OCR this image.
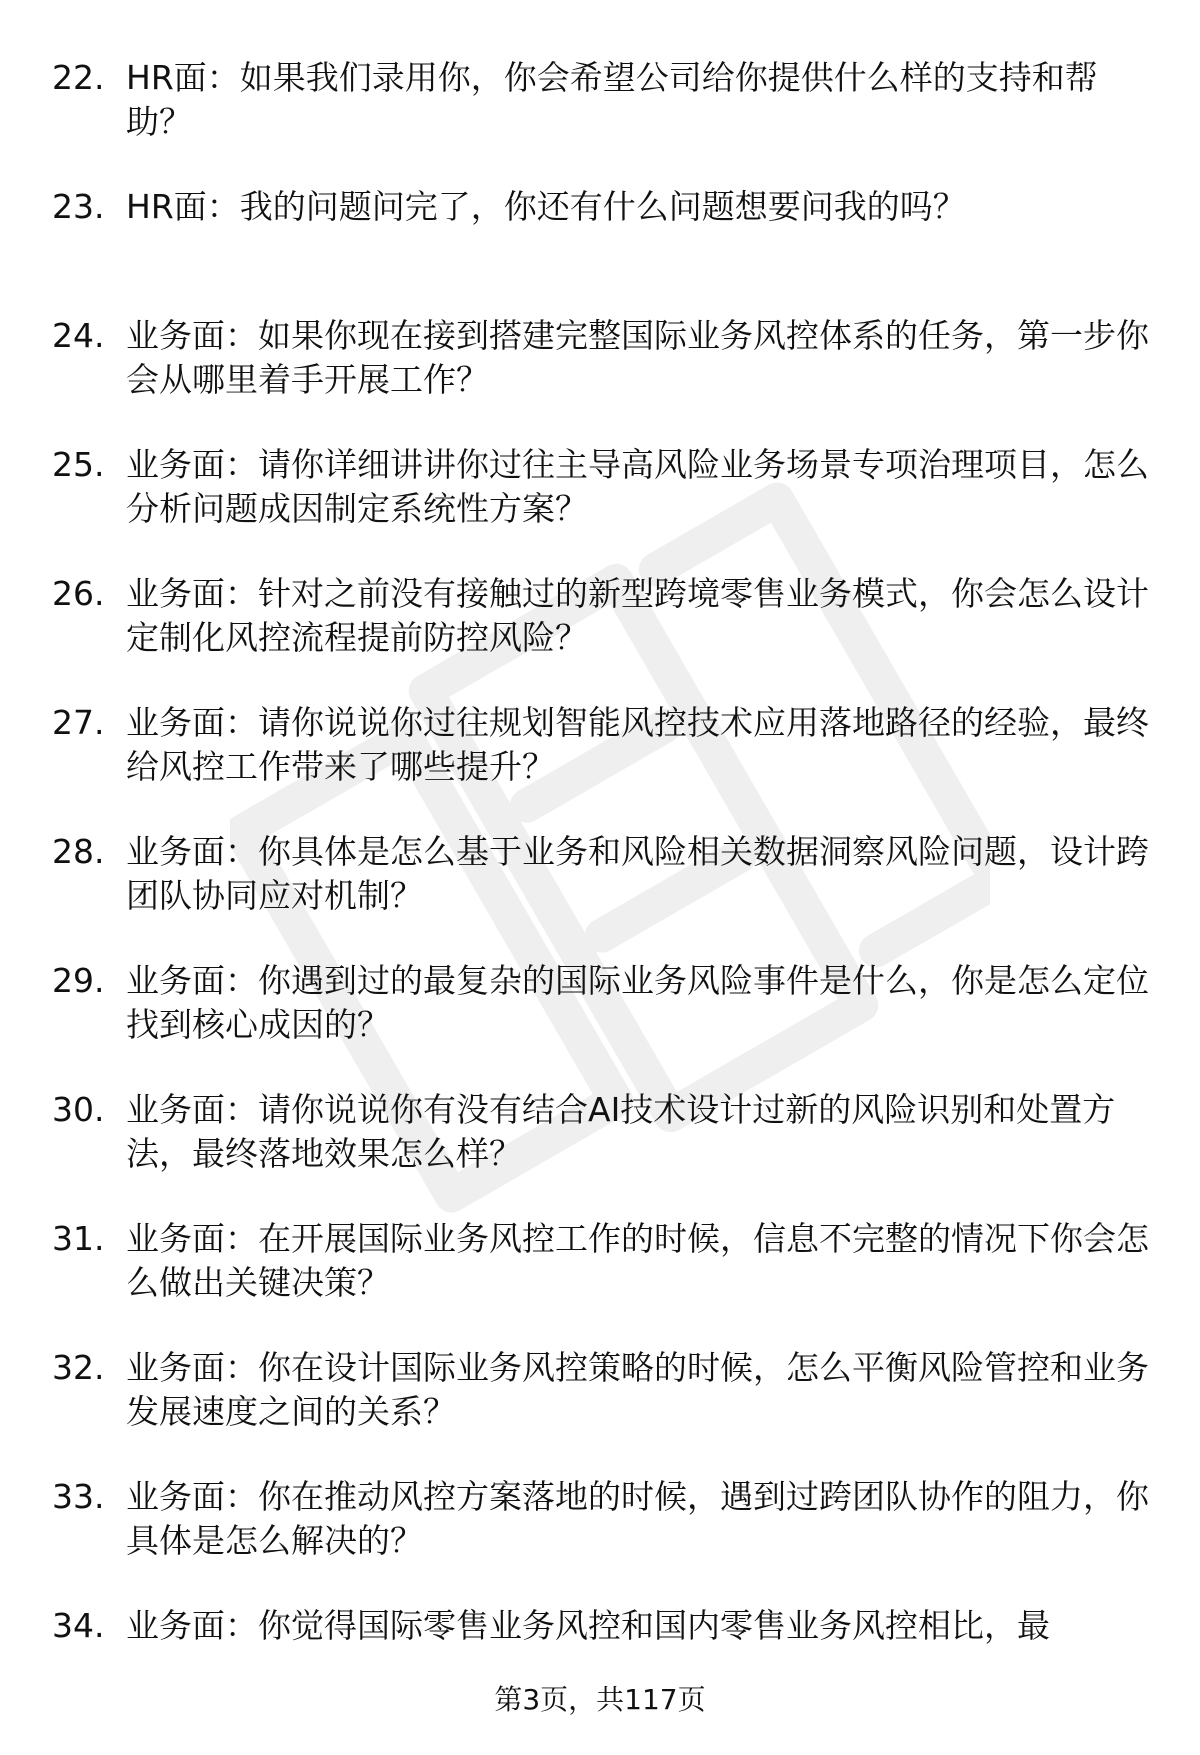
22. HR面：如果我们录用你，你会希望公司给你提供什么样的支持和帮助？
23. HR面：我的问题问完了，你还有什么问题想要问我的吗？
24. 业务面：如果你现在接到搭建完整国际业务风控体系的任务，第一步你会从哪里着手开展工作？
25. 业务面：请你详细讲讲你过往主导高风险业务场景专项治理项目，怎么分析问题成因制定系统性方案？
26. 业务面：针对之前没有接触过的新型跨境零售业务模式，你会怎么设计定制化风控流程提前防控风险？
27. 业务面：请你说说你过往规划智能风控技术应用落地路径的经验，最终给风控工作带来了哪些提升？
28. 业务面：你具体是怎么基于业务和风险相关数据洞察风险问题，设计跨团队协同应对机制？
29. 业务面：你遇到过的最复杂的国际业务风险事件是什么，你是怎么定位找到核心成因的？
30. 业务面：请你说说你有没有结合AI技术设计过新的风险识别和处置方法，最终落地效果怎么样？
31. 业务面：在开展国际业务风控工作的时候，信息不完整的情况下你会怎么做出关键决策？
32. 业务面：你在设计国际业务风控策略的时候，怎么平衡风险管控和业务发展速度之间的关系？
33. 业务面：你在推动风控方案落地的时候，遇到过跨团队协作的阻力，你具体是怎么解决的？
34. 业务面：你觉得国际零售业务风控和国内零售业务风控相比，最
第3页，共117页
